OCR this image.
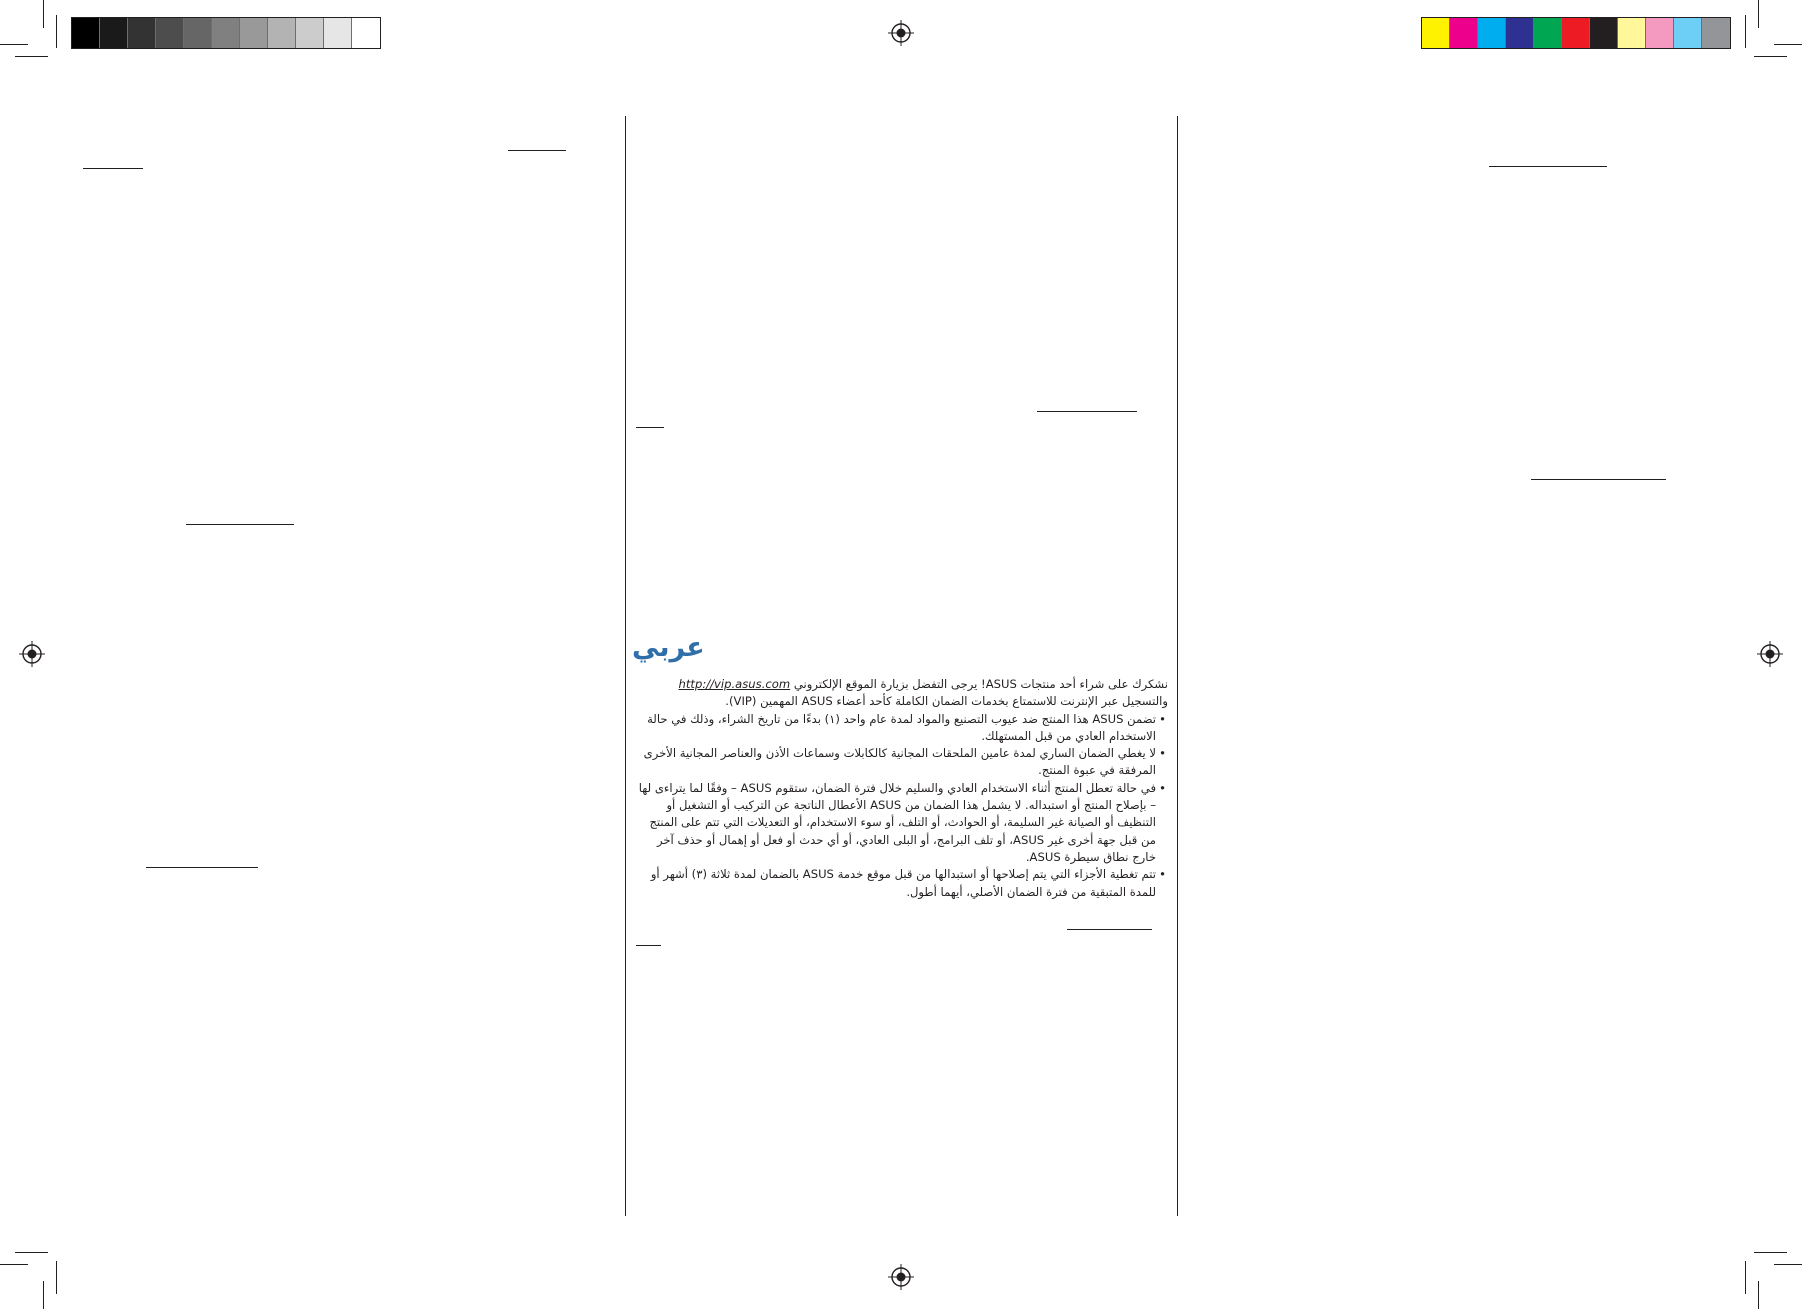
عربي

نشكرك على شراء أحد منتجات ASUS! يرجى التفضل بزيارة الموقع الإلكتروني http://vip.asus.com والتسجيل عبر الإنترنت للاستمتاع بخدمات الضمان الكاملة كأحد أعضاء ASUS المهمين (VIP).

• تضمن ASUS هذا المنتج ضد عيوب التصنيع والمواد لمدة عام واحد (١) بدءًا من تاريخ الشراء، وذلك في حالة الاستخدام العادي من قبل المستهلك.
• لا يغطي الضمان الساري لمدة عامين الملحقات المجانية كالكابلات وسماعات الأذن والعناصر المجانية الأخرى المرفقة في عبوة المنتج.
• في حالة تعطل المنتج أثناء الاستخدام العادي والسليم خلال فترة الضمان، ستقوم ASUS – وفقًا لما يتراءى لها – بإصلاح المنتج أو استبداله. لا يشمل هذا الضمان من ASUS الأعطال الناتجة عن التركيب أو التشغيل أو التنظيف أو الصيانة غير السليمة، أو الحوادث، أو التلف، أو سوء الاستخدام، أو التعديلات التي تتم على المنتج من قبل جهة أخرى غير ASUS، أو تلف البرامج، أو البلى العادي، أو أي حدث أو فعل أو إهمال أو حذف آخر خارج نطاق سيطرة ASUS.
• تتم تغطية الأجزاء التي يتم إصلاحها أو استبدالها من قبل موقع خدمة ASUS بالضمان لمدة ثلاثة (٣) أشهر أو للمدة المتبقية من فترة الضمان الأصلي، أيهما أطول.
